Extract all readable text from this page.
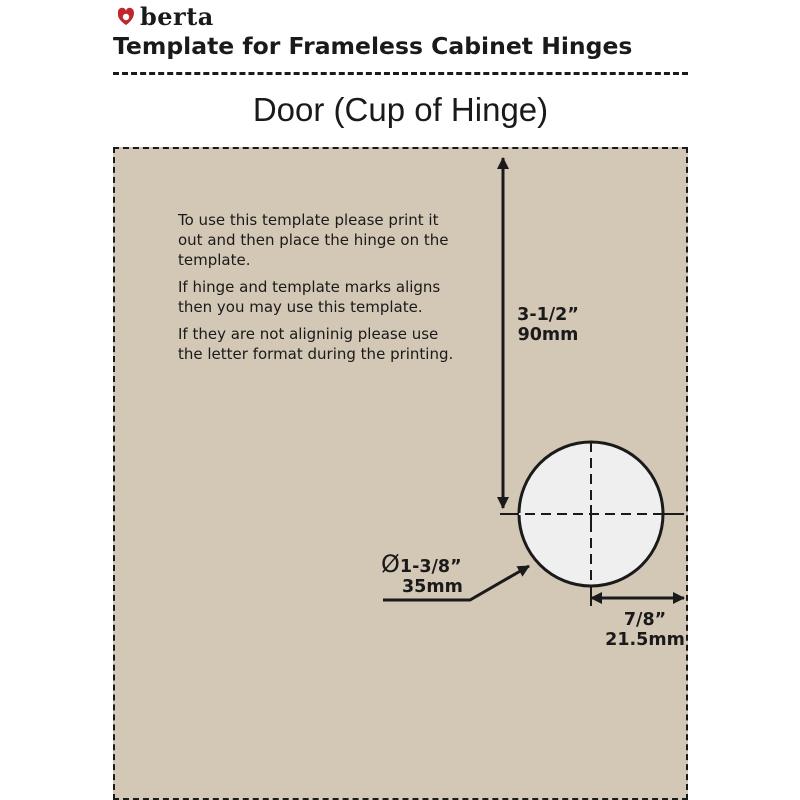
berta
Template for Frameless Cabinet Hinges
Door (Cup of Hinge)

To use this template please print it out and then place the hinge on the template.

If hinge and template marks aligns then you may use this template.

If they are not aligninig please use the letter format during the printing.

3-1/2”
90mm
Ø1-3/8”
35mm
7/8”
21.5mm
